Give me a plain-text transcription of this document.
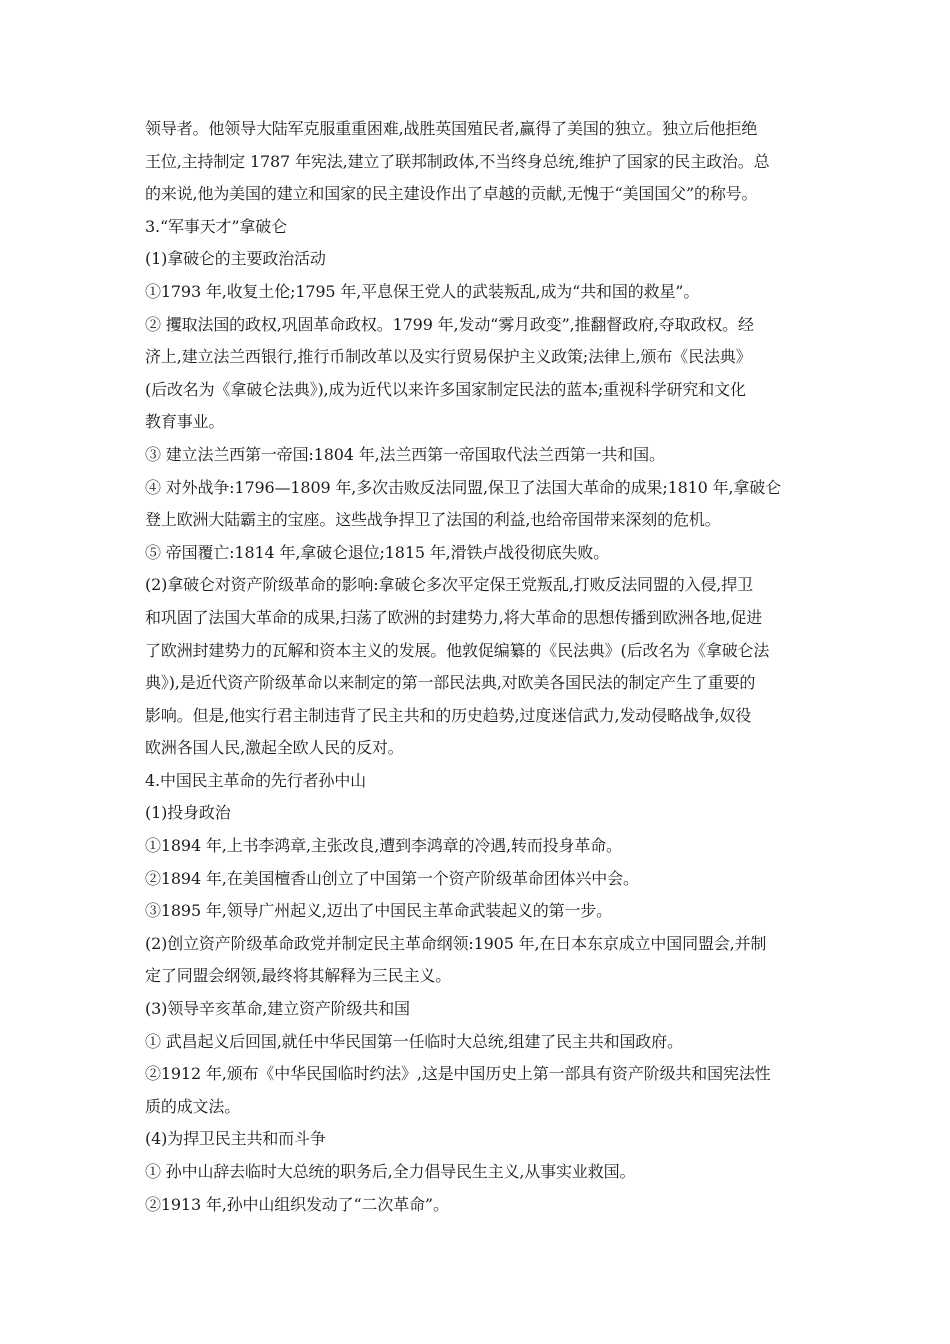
领导者。他领导大陆军克服重重困难,战胜英国殖民者,赢得了美国的独立。独立后他拒绝
王位,主持制定 1787 年宪法,建立了联邦制政体,不当终身总统,维护了国家的民主政治。总
的来说,他为美国的建立和国家的民主建设作出了卓越的贡献,无愧于“美国国父”的称号。
3.“军事天才”拿破仑
(1)拿破仑的主要政治活动
①1793 年,收复土伦;1795 年,平息保王党人的武装叛乱,成为“共和国的救星”。
② 攫取法国的政权,巩固革命政权。1799 年,发动“雾月政变”,推翻督政府,夺取政权。经
济上,建立法兰西银行,推行币制改革以及实行贸易保护主义政策;法律上,颁布《民法典》
(后改名为《拿破仑法典》),成为近代以来许多国家制定民法的蓝本;重视科学研究和文化
教育事业。
③ 建立法兰西第一帝国:1804 年,法兰西第一帝国取代法兰西第一共和国。
④ 对外战争:1796—1809 年,多次击败反法同盟,保卫了法国大革命的成果;1810 年,拿破仑
登上欧洲大陆霸主的宝座。这些战争捍卫了法国的利益,也给帝国带来深刻的危机。
⑤ 帝国覆亡:1814 年,拿破仑退位;1815 年,滑铁卢战役彻底失败。
(2)拿破仑对资产阶级革命的影响:拿破仑多次平定保王党叛乱,打败反法同盟的入侵,捍卫
和巩固了法国大革命的成果,扫荡了欧洲的封建势力,将大革命的思想传播到欧洲各地,促进
了欧洲封建势力的瓦解和资本主义的发展。他敦促编纂的《民法典》(后改名为《拿破仑法
典》),是近代资产阶级革命以来制定的第一部民法典,对欧美各国民法的制定产生了重要的
影响。但是,他实行君主制违背了民主共和的历史趋势,过度迷信武力,发动侵略战争,奴役
欧洲各国人民,激起全欧人民的反对。
4.中国民主革命的先行者孙中山
(1)投身政治
①1894 年,上书李鸿章,主张改良,遭到李鸿章的冷遇,转而投身革命。
②1894 年,在美国檀香山创立了中国第一个资产阶级革命团体兴中会。
③1895 年,领导广州起义,迈出了中国民主革命武装起义的第一步。
(2)创立资产阶级革命政党并制定民主革命纲领:1905 年,在日本东京成立中国同盟会,并制
定了同盟会纲领,最终将其解释为三民主义。
(3)领导辛亥革命,建立资产阶级共和国
① 武昌起义后回国,就任中华民国第一任临时大总统,组建了民主共和国政府。
②1912 年,颁布《中华民国临时约法》,这是中国历史上第一部具有资产阶级共和国宪法性
质的成文法。
(4)为捍卫民主共和而斗争
① 孙中山辞去临时大总统的职务后,全力倡导民生主义,从事实业救国。
②1913 年,孙中山组织发动了“二次革命”。
